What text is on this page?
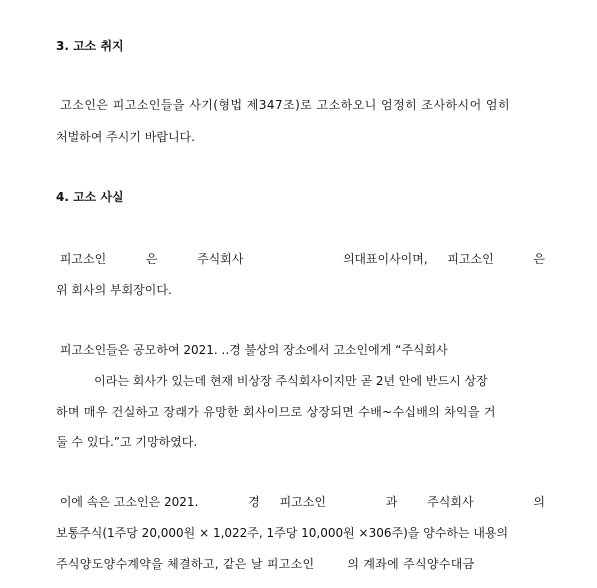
3. 고소 취지
고소인은 피고소인들을 사기(형법 제347조)로 고소하오니 엄정히 조사하시어 엄히
처벌하여 주시기 바랍니다.
4. 고소 사실
피고소인	은	주식회사	의 대표이사이며, 피고소인	은
위 회사의 부회장이다.
피고소인들은 공모하여 2021. ..경 불상의 장소에서 고소인에게 “주식회사
이라는 회사가 있는데 현재 비상장 주식회사이지만 곧 2년 안에 반드시 상장
하며 매우 건실하고 장래가 유망한 회사이므로 상장되면 수배~수십배의 차익을 거
둘 수 있다.”고 기망하였다.
이에 속은 고소인은 2021.	경 피고소인	과 주식회사	의
보통주식(1주당 20,000원 × 1,022주, 1주당 10,000원 ×306주)을 양수하는 내용의
주식양도양수계약을 체결하고, 같은 날 피고소인        의 계좌에 주식양수대금
